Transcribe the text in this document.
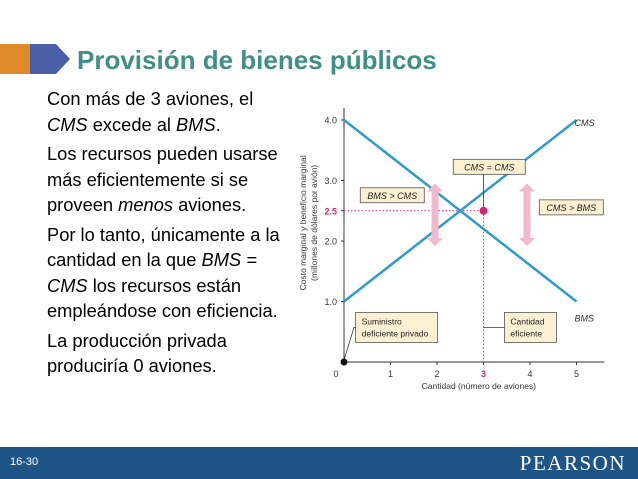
Provisión de bienes públicos

Con más de 3 aviones, el CMS excede al BMS.

Los recursos pueden usarse más eficientemente si se proveen menos aviones.

Por lo tanto, únicamente a la cantidad en la que BMS = CMS los recursos están empleándose con eficiencia.

La producción privada produciría 0 aviones.

1.0
2.0
2.5
3.0
4.0
0	1	2	3	4	5
Cantidad (número de aviones)
Costo marginal y beneficio marginal (millones de dólares por avión)
CMS
BMS
CMS = CMS
BMS > CMS
CMS > BMS
Suministro
deficiente privado
Cantidad
eficiente
16-30	PEARSON
